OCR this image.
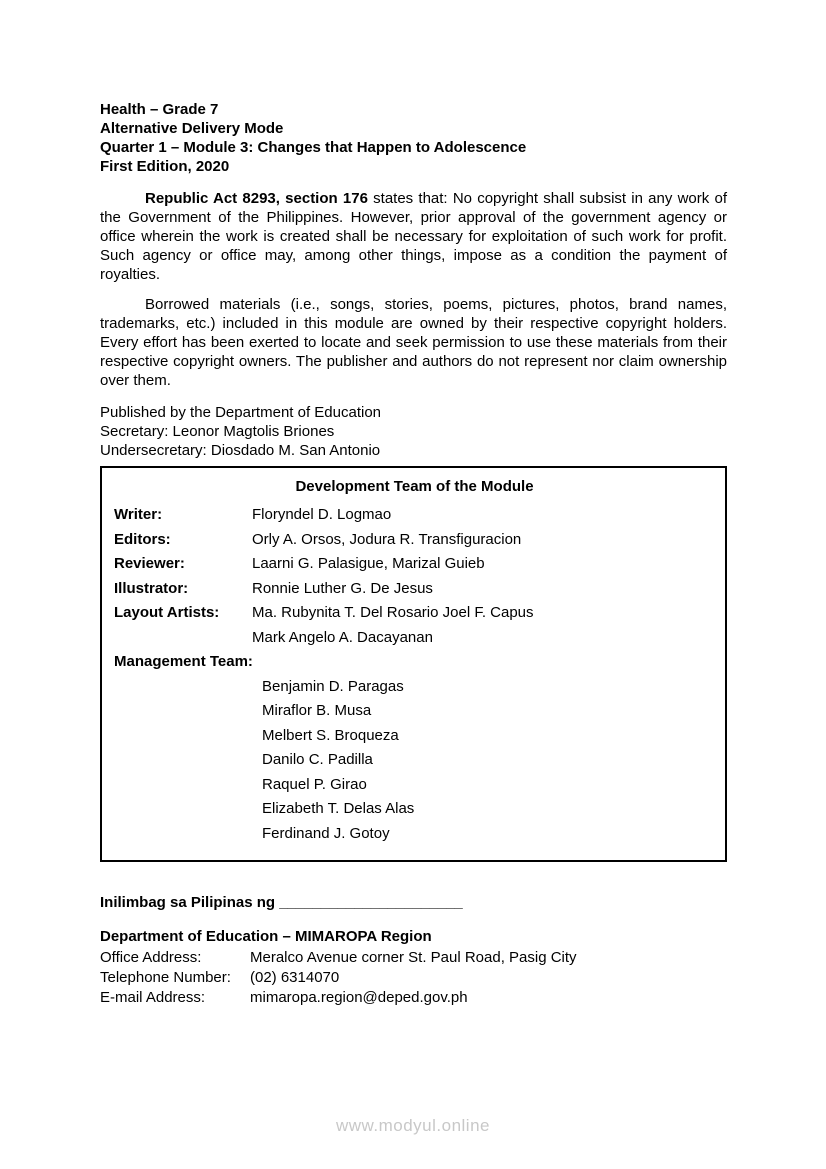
Health – Grade 7
Alternative Delivery Mode
Quarter 1 – Module 3: Changes that Happen to Adolescence
First Edition, 2020

Republic Act 8293, section 176 states that: No copyright shall subsist in any work of the Government of the Philippines. However, prior approval of the government agency or office wherein the work is created shall be necessary for exploitation of such work for profit. Such agency or office may, among other things, impose as a condition the payment of royalties.

Borrowed materials (i.e., songs, stories, poems, pictures, photos, brand names, trademarks, etc.) included in this module are owned by their respective copyright holders. Every effort has been exerted to locate and seek permission to use these materials from their respective copyright owners. The publisher and authors do not represent nor claim ownership over them.

Published by the Department of Education
Secretary: Leonor Magtolis Briones
Undersecretary: Diosdado M. San Antonio
Development Team of the Module
Writer:	Floryndel D. Logmao
Editors:	Orly A. Orsos, Jodura R. Transfiguracion
Reviewer:	Laarni G. Palasigue, Marizal Guieb
Illustrator:	Ronnie Luther G. De Jesus
Layout Artists:	Ma. Rubynita T. Del Rosario Joel F. Capus
Mark Angelo A. Dacayanan
Management Team:
Benjamin D. Paragas
Miraflor B. Musa
Melbert S. Broqueza
Danilo C. Padilla
Raquel P. Girao
Elizabeth T. Delas Alas
Ferdinand J. Gotoy
Inilimbag sa Pilipinas ng ______________________
Department of Education – MIMAROPA Region
Office Address:	Meralco Avenue corner St. Paul Road, Pasig City
Telephone Number:	(02) 6314070
E-mail Address:	mimaropa.region@deped.gov.ph
www.modyul.online
